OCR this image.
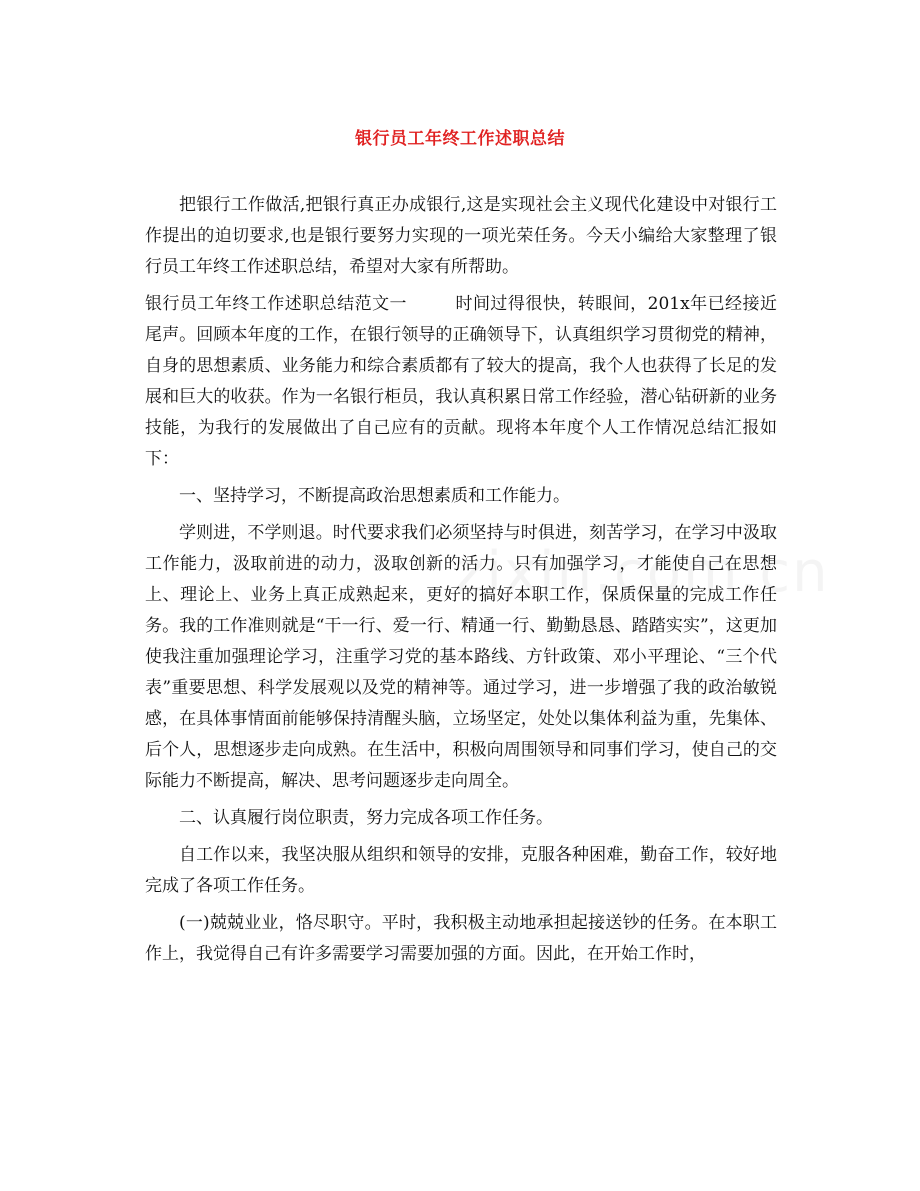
银行员工年终工作述职总结

把银行工作做活,把银行真正办成银行,这是实现社会主义现代化建设中对银行工作提出的迫切要求,也是银行要努力实现的一项光荣任务。今天小编给大家整理了银行员工年终工作述职总结，希望对大家有所帮助。

银行员工年终工作述职总结范文一	时间过得很快，转眼间，201x年已经接近尾声。回顾本年度的工作，在银行领导的正确领导下，认真组织学习贯彻党的精神，自身的思想素质、业务能力和综合素质都有了较大的提高，我个人也获得了长足的发展和巨大的收获。作为一名银行柜员，我认真积累日常工作经验，潜心钻研新的业务技能，为我行的发展做出了自己应有的贡献。现将本年度个人工作情况总结汇报如下：

一、坚持学习，不断提高政治思想素质和工作能力。

学则进，不学则退。时代要求我们必须坚持与时俱进，刻苦学习，在学习中汲取工作能力，汲取前进的动力，汲取创新的活力。只有加强学习，才能使自己在思想上、理论上、业务上真正成熟起来，更好的搞好本职工作，保质保量的完成工作任务。我的工作准则就是“干一行、爱一行、精通一行、勤勤恳恳、踏踏实实”，这更加使我注重加强理论学习，注重学习党的基本路线、方针政策、邓小平理论、“三个代表”重要思想、科学发展观以及党的精神等。通过学习，进一步增强了我的政治敏锐感，在具体事情面前能够保持清醒头脑，立场坚定，处处以集体利益为重，先集体、后个人，思想逐步走向成熟。在生活中，积极向周围领导和同事们学习，使自己的交际能力不断提高，解决、思考问题逐步走向周全。

二、认真履行岗位职责，努力完成各项工作任务。

自工作以来，我坚决服从组织和领导的安排，克服各种困难，勤奋工作，较好地完成了各项工作任务。

(一)兢兢业业，恪尽职守。平时，我积极主动地承担起接送钞的任务。在本职工作上，我觉得自己有许多需要学习需要加强的方面。因此，在开始工作时，
